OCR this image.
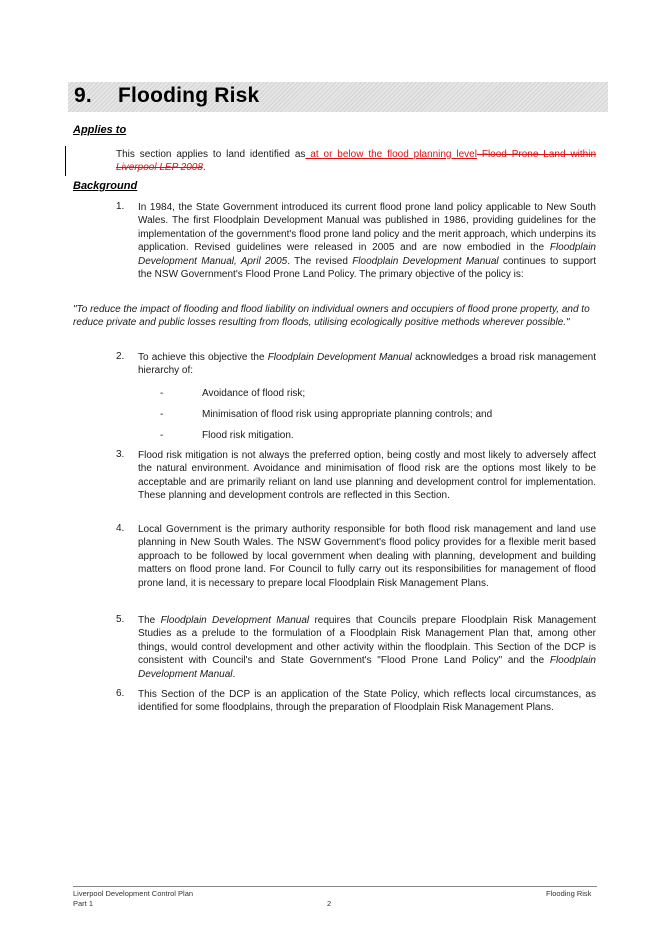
9. Flooding Risk
Applies to
This section applies to land identified as at or below the flood planning level Flood Prone Land within Liverpool LEP 2008.
Background
1. In 1984, the State Government introduced its current flood prone land policy applicable to New South Wales. The first Floodplain Development Manual was published in 1986, providing guidelines for the implementation of the government's flood prone land policy and the merit approach, which underpins its application. Revised guidelines were released in 2005 and are now embodied in the Floodplain Development Manual, April 2005. The revised Floodplain Development Manual continues to support the NSW Government's Flood Prone Land Policy. The primary objective of the policy is:
"To reduce the impact of flooding and flood liability on individual owners and occupiers of flood prone property, and to reduce private and public losses resulting from floods, utilising ecologically positive methods wherever possible."
2. To achieve this objective the Floodplain Development Manual acknowledges a broad risk management hierarchy of:
-	Avoidance of flood risk;
-	Minimisation of flood risk using appropriate planning controls; and
-	Flood risk mitigation.
3. Flood risk mitigation is not always the preferred option, being costly and most likely to adversely affect the natural environment. Avoidance and minimisation of flood risk are the options most likely to be acceptable and are primarily reliant on land use planning and development control for implementation. These planning and development controls are reflected in this Section.
4. Local Government is the primary authority responsible for both flood risk management and land use planning in New South Wales. The NSW Government's flood policy provides for a flexible merit based approach to be followed by local government when dealing with planning, development and building matters on flood prone land. For Council to fully carry out its responsibilities for management of flood prone land, it is necessary to prepare local Floodplain Risk Management Plans.
5. The Floodplain Development Manual requires that Councils prepare Floodplain Risk Management Studies as a prelude to the formulation of a Floodplain Risk Management Plan that, among other things, would control development and other activity within the floodplain. This Section of the DCP is consistent with Council's and State Government's "Flood Prone Land Policy" and the Floodplain Development Manual.
6. This Section of the DCP is an application of the State Policy, which reflects local circumstances, as identified for some floodplains, through the preparation of Floodplain Risk Management Plans.
Liverpool Development Control Plan
Part 1	2
Flooding Risk
